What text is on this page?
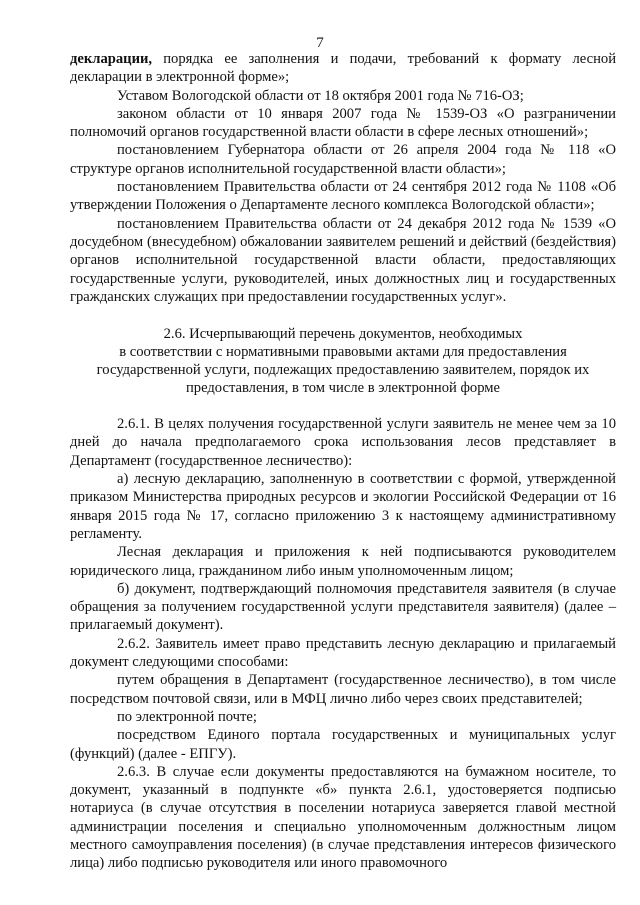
7

декларации, порядка ее заполнения и подачи, требований к формату лесной декларации в электронной форме»;

Уставом Вологодской области от 18 октября 2001 года № 716-ОЗ;

законом области от 10 января 2007 года № 1539-ОЗ «О разграничении полномочий органов государственной власти области в сфере лесных отношений»;

постановлением Губернатора области от 26 апреля 2004 года № 118 «О структуре органов исполнительной государственной власти области»;

постановлением Правительства области от 24 сентября 2012 года № 1108 «Об утверждении Положения о Департаменте лесного комплекса Вологодской области»;

постановлением Правительства области от 24 декабря 2012 года № 1539 «О досудебном (внесудебном) обжаловании заявителем решений и действий (бездействия) органов исполнительной государственной власти области, предоставляющих государственные услуги, руководителей, иных должностных лиц и государственных гражданских служащих при предоставлении государственных услуг».

2.6. Исчерпывающий перечень документов, необходимых
в соответствии с нормативными правовыми актами для предоставления
государственной услуги, подлежащих предоставлению заявителем, порядок их
предоставления, в том числе в электронной форме

2.6.1. В целях получения государственной услуги заявитель не менее чем за 10 дней до начала предполагаемого срока использования лесов представляет в Департамент (государственное лесничество):

а) лесную декларацию, заполненную в соответствии с формой, утвержденной приказом Министерства природных ресурсов и экологии Российской Федерации от 16 января 2015 года № 17, согласно приложению 3 к настоящему административному регламенту.

Лесная декларация и приложения к ней подписываются руководителем юридического лица, гражданином либо иным уполномоченным лицом;

б) документ, подтверждающий полномочия представителя заявителя (в случае обращения за получением государственной услуги представителя заявителя) (далее – прилагаемый документ).

2.6.2. Заявитель имеет право представить лесную декларацию и прилагаемый документ следующими способами:

путем обращения в Департамент (государственное лесничество), в том числе посредством почтовой связи, или в МФЦ лично либо через своих представителей;

по электронной почте;

посредством Единого портала государственных и муниципальных услуг (функций) (далее - ЕПГУ).

2.6.3. В случае если документы предоставляются на бумажном носителе, то документ, указанный в подпункте «б» пункта 2.6.1, удостоверяется подписью нотариуса (в случае отсутствия в поселении нотариуса заверяется главой местной администрации поселения и специально уполномоченным должностным лицом местного самоуправления поселения) (в случае представления интересов физического лица) либо подписью руководителя или иного правомочного
